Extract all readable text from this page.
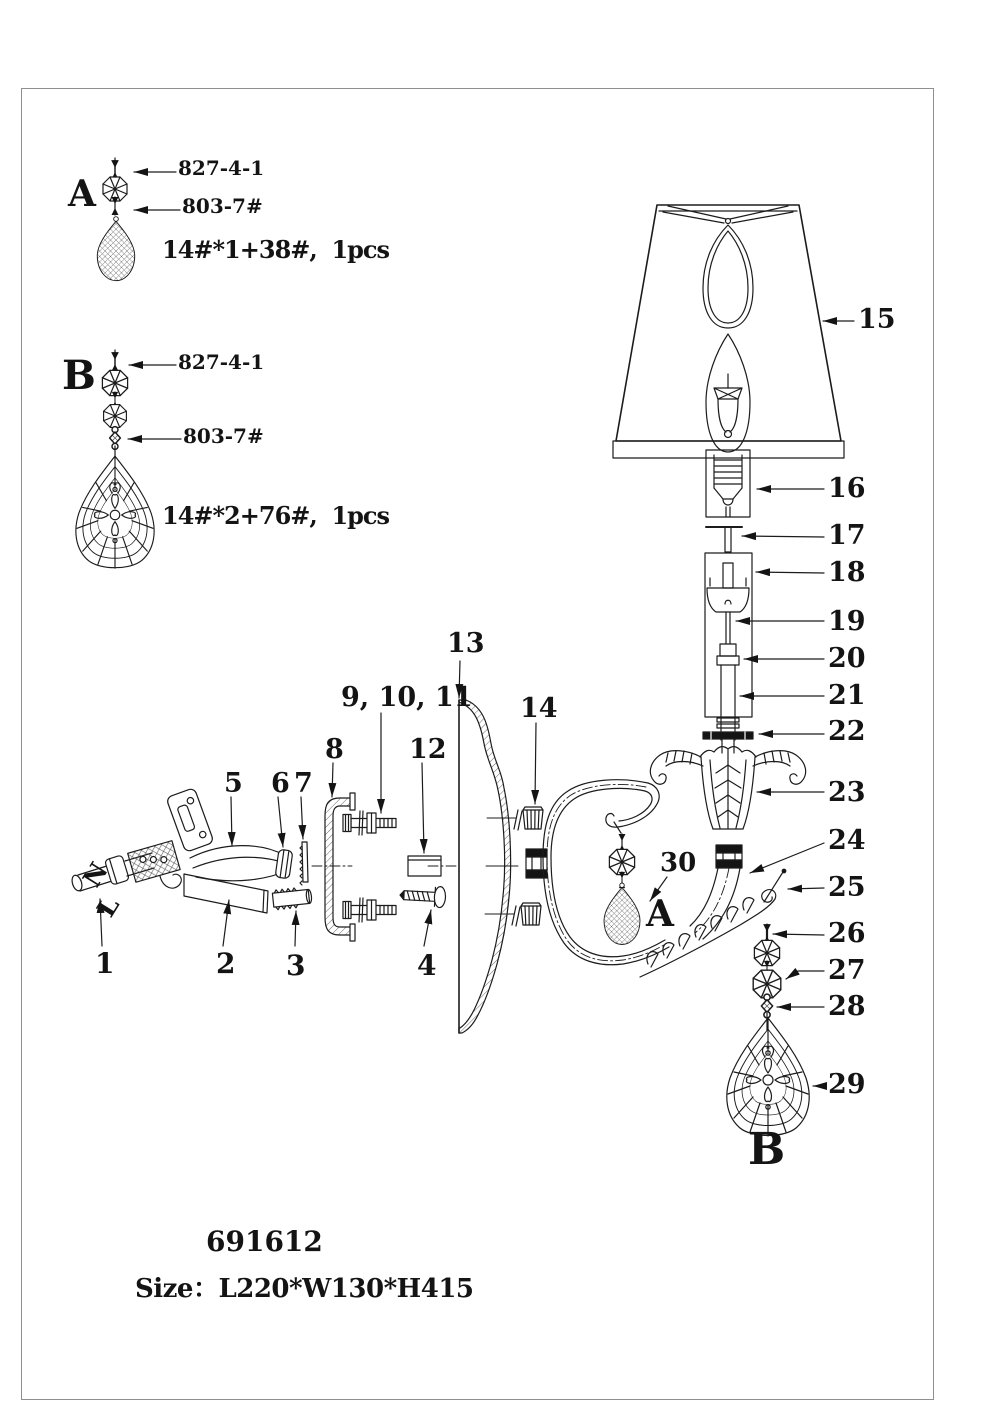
A
827-4-1
803-7#
14#*1+38#,  1pcs
B	827-4-1
803-7#
14#*2+76#,  1pcs
N
L
1	2 3	4
5 6 7
8
9, 10, 11
12
13
14
15
16
17
18
19
20
21
22
23
24
25
26
27
28
29
30
A
B
691612
Size：L220*W130*H415
